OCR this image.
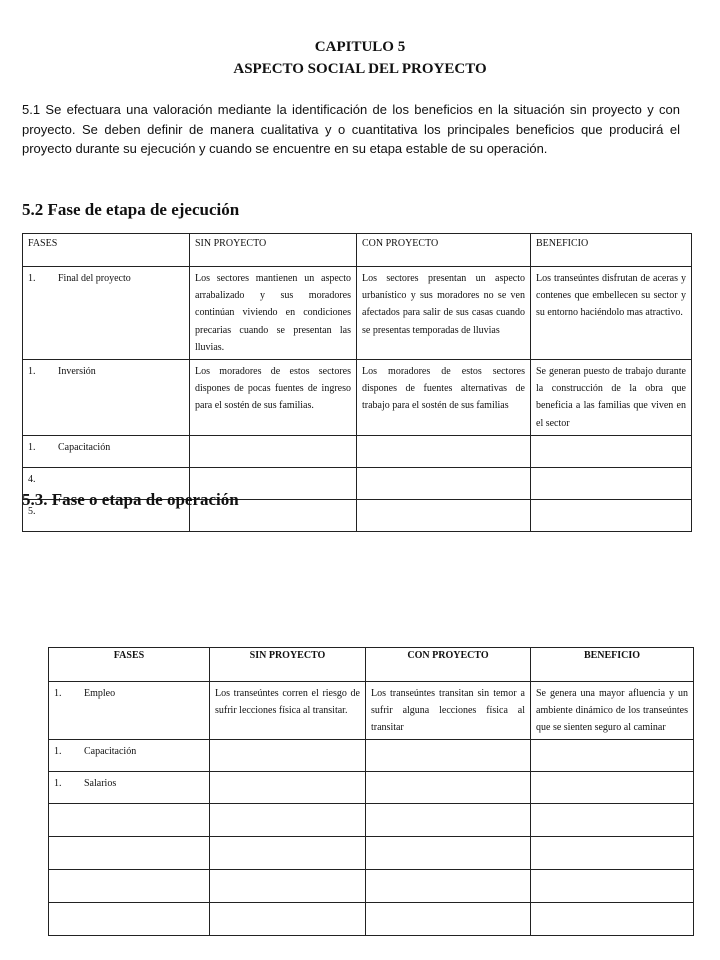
CAPITULO 5
ASPECTO SOCIAL DEL PROYECTO
5.1 Se efectuara una valoración mediante la identificación de los beneficios en la situación sin proyecto y con proyecto. Se deben definir de manera cualitativa y o cuantitativa los principales beneficios que producirá el proyecto durante su ejecución y cuando se encuentre en su etapa estable de su operación.
5.2 Fase de etapa de ejecución
FASES	SIN PROYECTO	CON PROYECTO	BENEFICIO
1. Final del proyecto	Los sectores mantienen un aspecto arrabalizado y sus moradores continúan viviendo en condiciones precarias cuando se presentan las lluvias.	Los sectores presentan un aspecto urbanístico y sus moradores no se ven afectados para salir de sus casas cuando se presentas temporadas de lluvias	Los transeúntes disfrutan de aceras y contenes que embellecen su sector y su entorno haciéndolo mas atractivo.
1. Inversión	Los moradores de estos sectores dispones de pocas fuentes de ingreso para el sostén de sus familias.	Los moradores de estos sectores dispones de fuentes alternativas de trabajo para el sostén de sus familias	Se generan puesto de trabajo durante la construcción de la obra que beneficia a las familias que viven en el sector
1. Capacitación			
4.			
5.			
5.3. Fase o etapa de operación
FASES	SIN PROYECTO	CON PROYECTO	BENEFICIO
1. Empleo	Los transeúntes corren el riesgo de sufrir lecciones física al transitar.	Los transeúntes transitan sin temor a sufrir alguna lecciones física al transitar	Se genera una mayor afluencia y un ambiente dinámico de los transeúntes que se sienten seguro al caminar
1. Capacitación			
1. Salarios			
